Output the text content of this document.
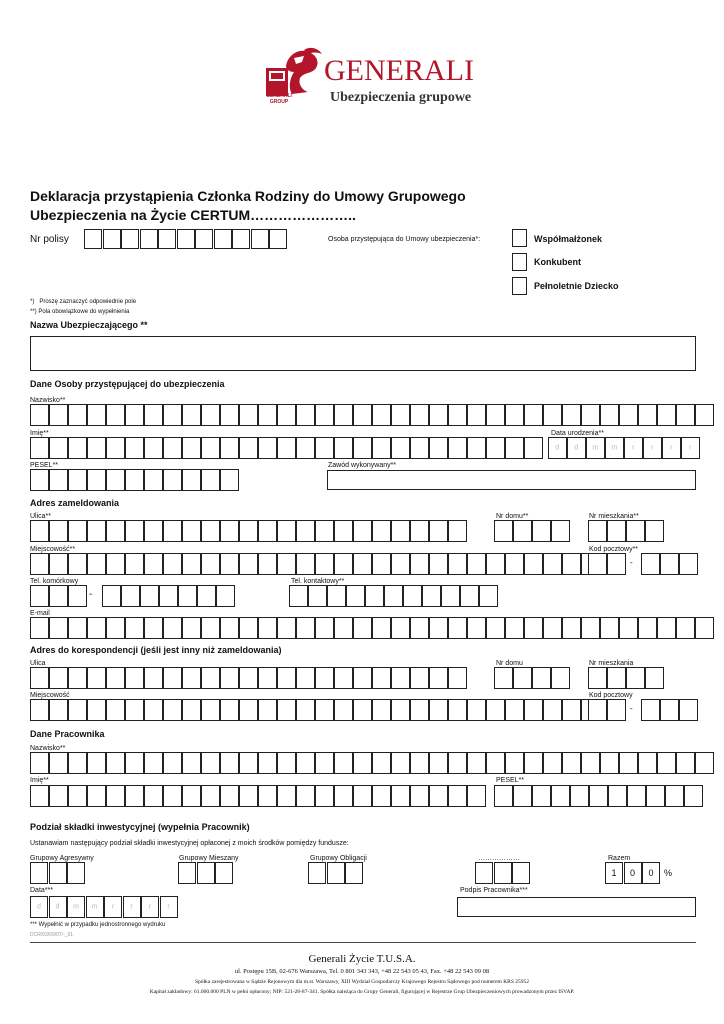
GENERALI GROUP
GENERALI
Ubezpieczenia grupowe
Deklaracja przystąpienia Członka Rodziny do Umowy Grupowego
Ubezpieczenia na Życie CERTUM…………………..
Nr polisy	Osoba przystępująca do Umowy ubezpieczenia*:	Współmałżonek
Konkubent
Pełnoletnie Dziecko
*)   Proszę zaznaczyć odpowiednie pole
**) Pola obowiązkowe do wypełnienia
Nazwa Ubezpieczającego **
Dane Osoby przystępującej do ubezpieczenia
Nazwisko**
Imię**	Data urodzenia**
d	d	m	m	r	r	r	r
PESEL**	Zawód wykonywany**
Adres zameldowania
Ulica**	Nr domu**	Nr mieszkania**
Miejscowość**	Kod pocztowy**
-
Tel. komórkowy
-
Tel. kontaktowy**
E-mail
Adres do korespondencji (jeśli jest inny niż zameldowania)
Ulica	Nr domu	Nr mieszkania
Miejscowość	Kod pocztowy
-
Dane Pracownika
Nazwisko**
Imię**	PESEL**
Podział składki inwestycyjnej (wypełnia Pracownik)
Ustanawiam następujący podział składki inwestycyjnej opłaconej z moich środków pomiędzy fundusze:
Grupowy Agresywny	Grupowy Mieszany	Grupowy Obligacji	………………	Razem
1	0	0	%
Data***
d	d	m	m	r	r	r	r
Podpis Pracownika***
*** Wypełnić w przypadku jednostronnego wydruku
DCR/03/09/07/-_01
Generali Życie T.U.S.A.
ul. Postępu 15B, 02-676 Warszawa, Tel. 0 801 343 343, +48 22 543 05 43, Fax. +48 22 543 09 08
Spółka zarejestrowana w Sądzie Rejonowym dla m.st. Warszawy, XIII Wydział Gospodarczy Krajowego Rejestru Sądowego pod numerem KRS 25952
Kapitał zakładowy: 61.000.000 PLN w pełni opłacony; NIP: 521-28-87-341. Spółka należąca do Grupy Generali, figurującej w Rejestrze Grup Ubezpieczeniowych prowadzonym przez ISVAP.
